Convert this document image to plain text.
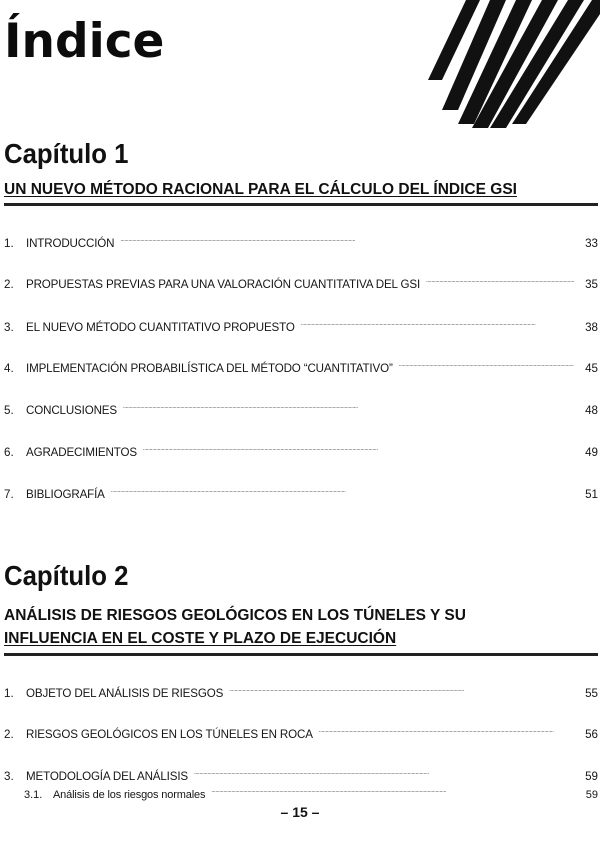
Índice
Capítulo 1
UN NUEVO MÉTODO RACIONAL PARA EL CÁLCULO DEL ÍNDICE GSI
1.	INTRODUCCIÓN . . .	33
2.	PROPUESTAS PREVIAS PARA UNA VALORACIÓN CUANTITATIVA DEL GSI . . .	35
3.	EL NUEVO MÉTODO CUANTITATIVO PROPUESTO . . .	38
4.	IMPLEMENTACIÓN PROBABILÍSTICA DEL MÉTODO “CUANTITATIVO” . . .	45
5.	CONCLUSIONES . . .	48
6.	AGRADECIMIENTOS . . .	49
7.	BIBLIOGRAFÍA . . .	51
Capítulo 2
ANÁLISIS DE RIESGOS GEOLÓGICOS EN LOS TÚNELES Y SU
INFLUENCIA EN EL COSTE Y PLAZO DE EJECUCIÓN
1.	OBJETO DEL ANÁLISIS DE RIESGOS . . .	55
2.	RIESGOS GEOLÓGICOS EN LOS TÚNELES EN ROCA . . .	56
3.	METODOLOGÍA DEL ANÁLISIS . . .	59
3.1. Análisis de los riesgos normales . . .	59
– 15 –
